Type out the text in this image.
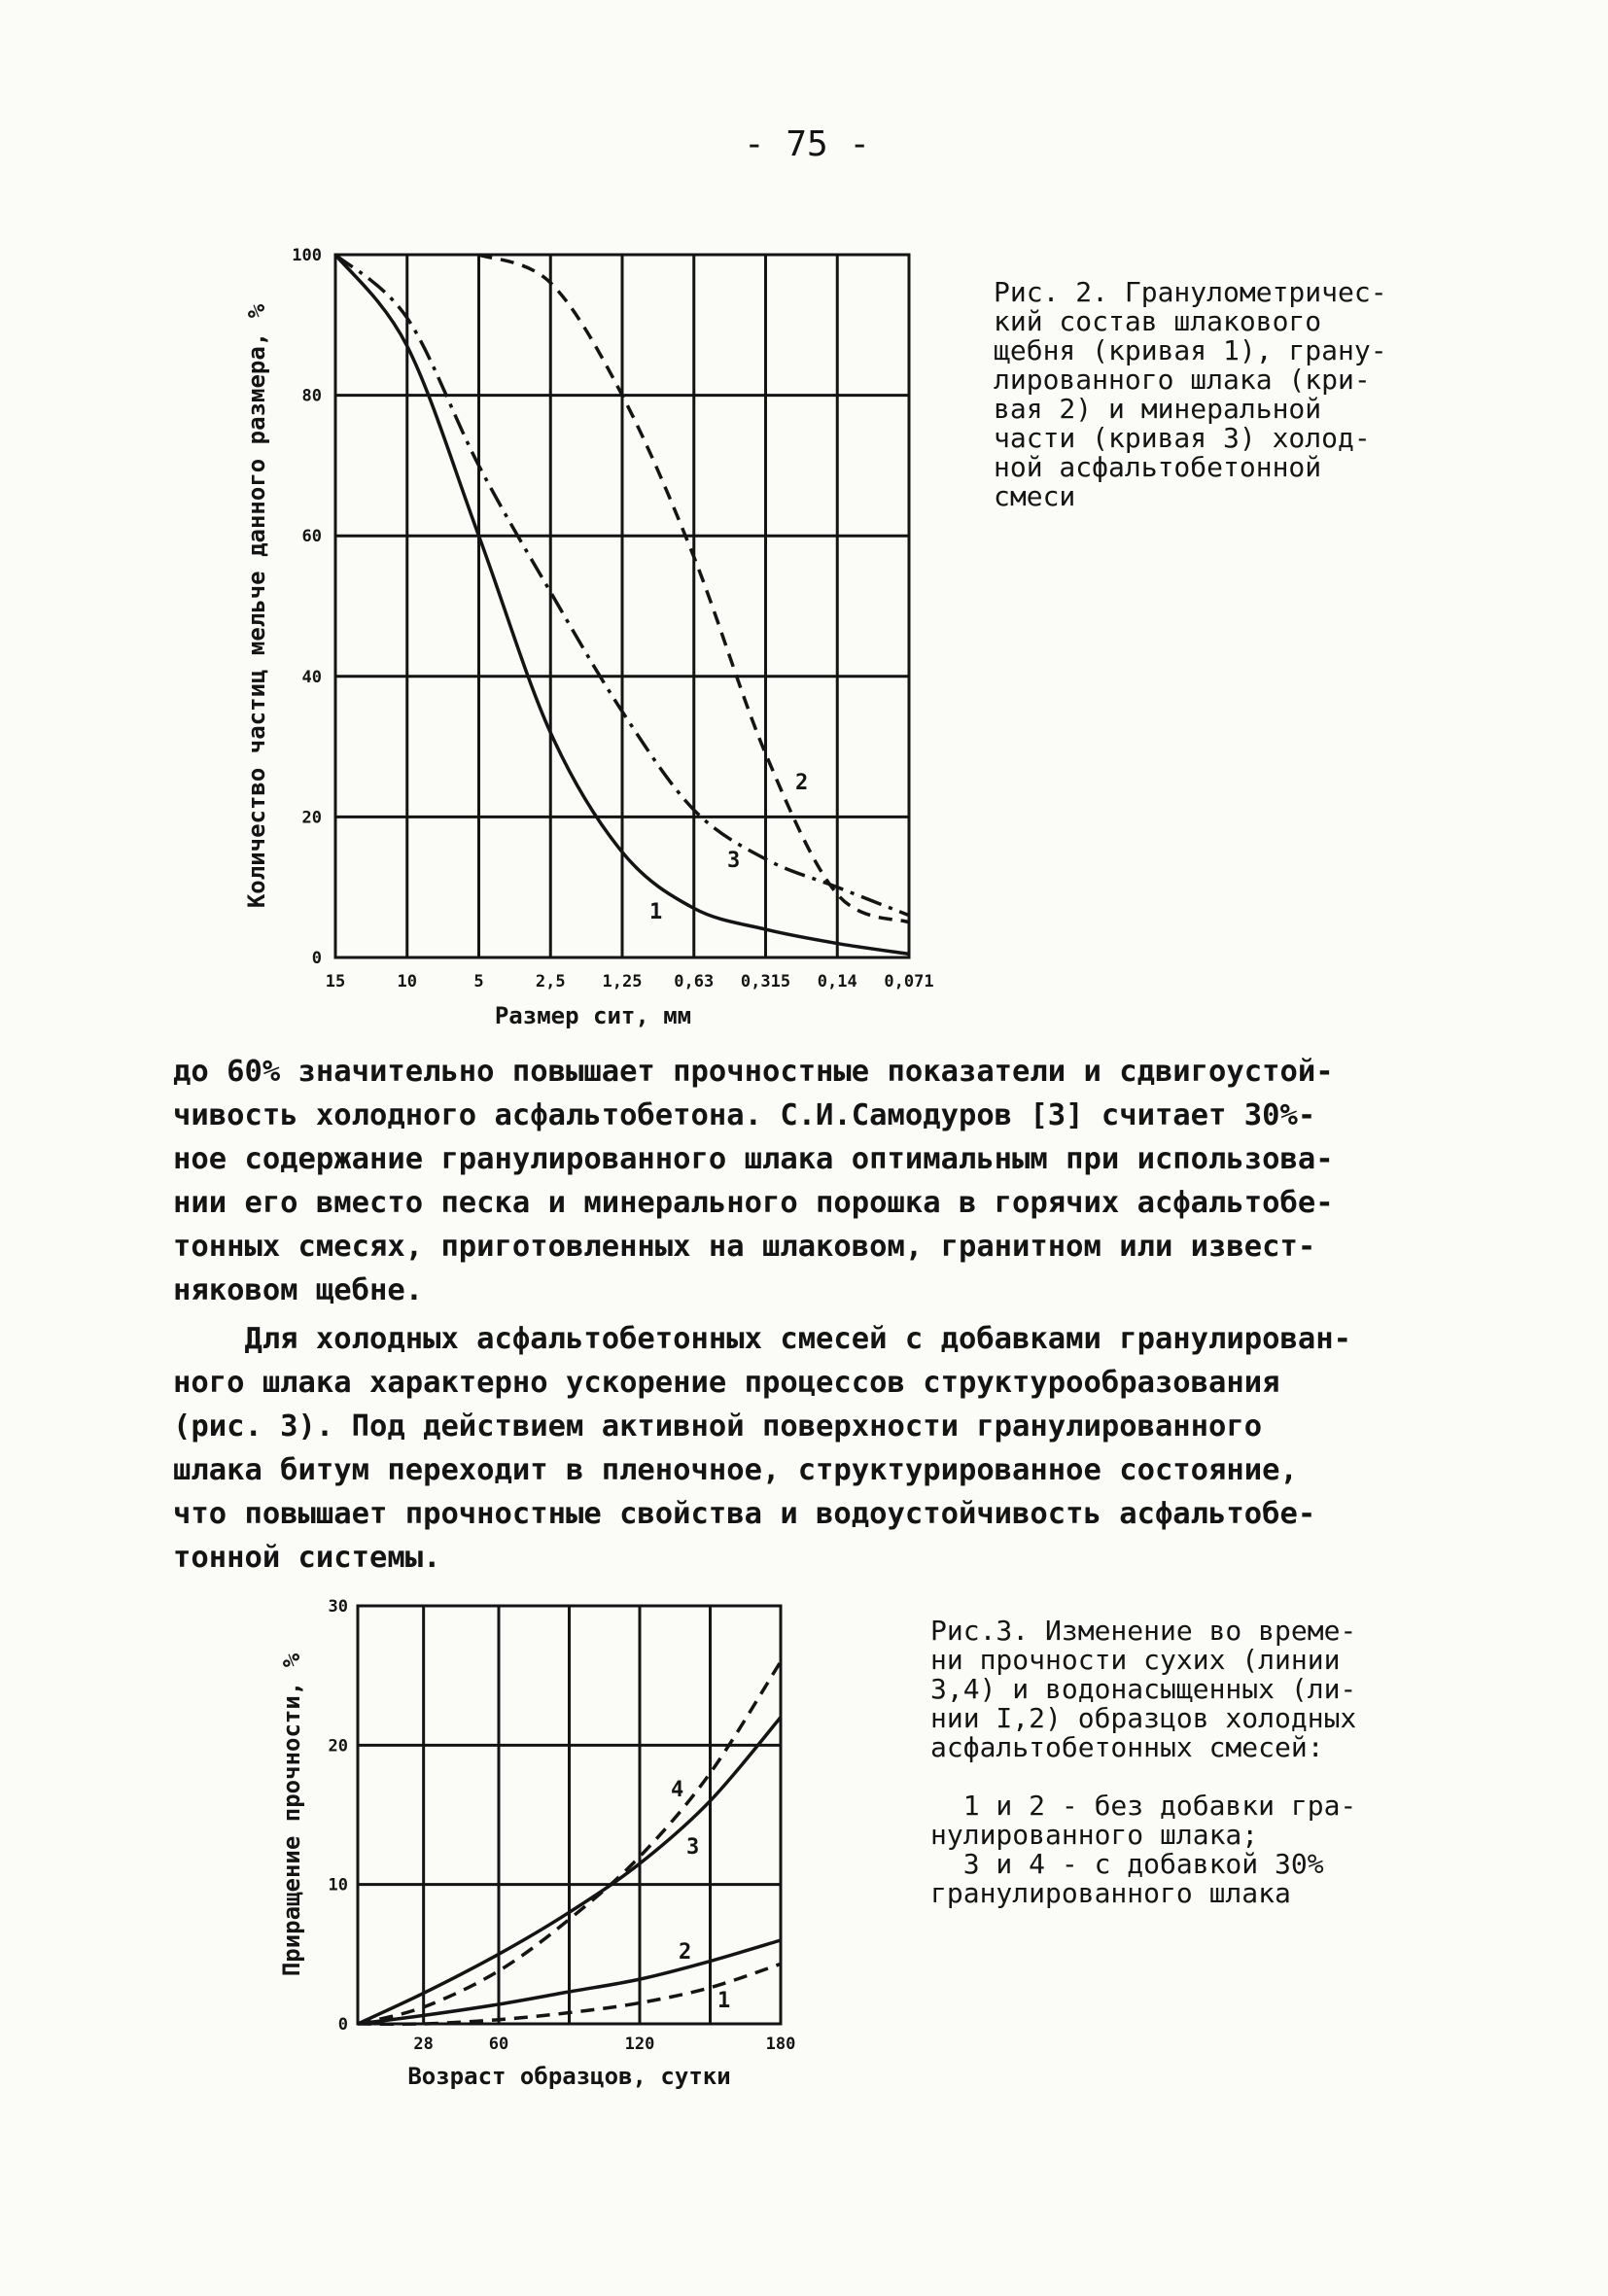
- 75 -
0
20
40
60
80
100
15	10	5	2,5 1,25 0,63 0,315 0,14 0,071
Размер сит, мм
Количество частиц мельче данного размера, %
1
2
3
Рис. 2. Гранулометричес-
кий состав шлакового
щебня (кривая 1), грану-
лированного шлака (кри-
вая 2) и минеральной
части (кривая 3) холод-
ной асфальтобетонной
смеси
до 60% значительно повышает прочностные показатели и сдвигоустой-
чивость холодного асфальтобетона. С.И.Самодуров [3] считает 30%-
ное содержание гранулированного шлака оптимальным при использова-
нии его вместо песка и минерального порошка в горячих асфальтобе-
тонных смесях, приготовленных на шлаковом, гранитном или извест-
няковом щебне.
Для холодных асфальтобетонных смесей с добавками гранулирован-
ного шлака характерно ускорение процессов структурообразования
(рис. 3). Под действием активной поверхности гранулированного
шлака битум переходит в пленочное, структурированное состояние,
что повышает прочностные свойства и водоустойчивость асфальтобе-
тонной системы.
0
10
20
30
28	60	120	180
Возраст образцов, сутки
Приращение прочности, %
1
2
3
4
Рис.3. Изменение во време-
ни прочности сухих (линии
3,4) и водонасыщенных (ли-
нии I,2) образцов холодных
асфальтобетонных смесей:

1 и 2 - без добавки гра-
нулированного шлака;
3 и 4 - с добавкой 30%
гранулированного шлака
